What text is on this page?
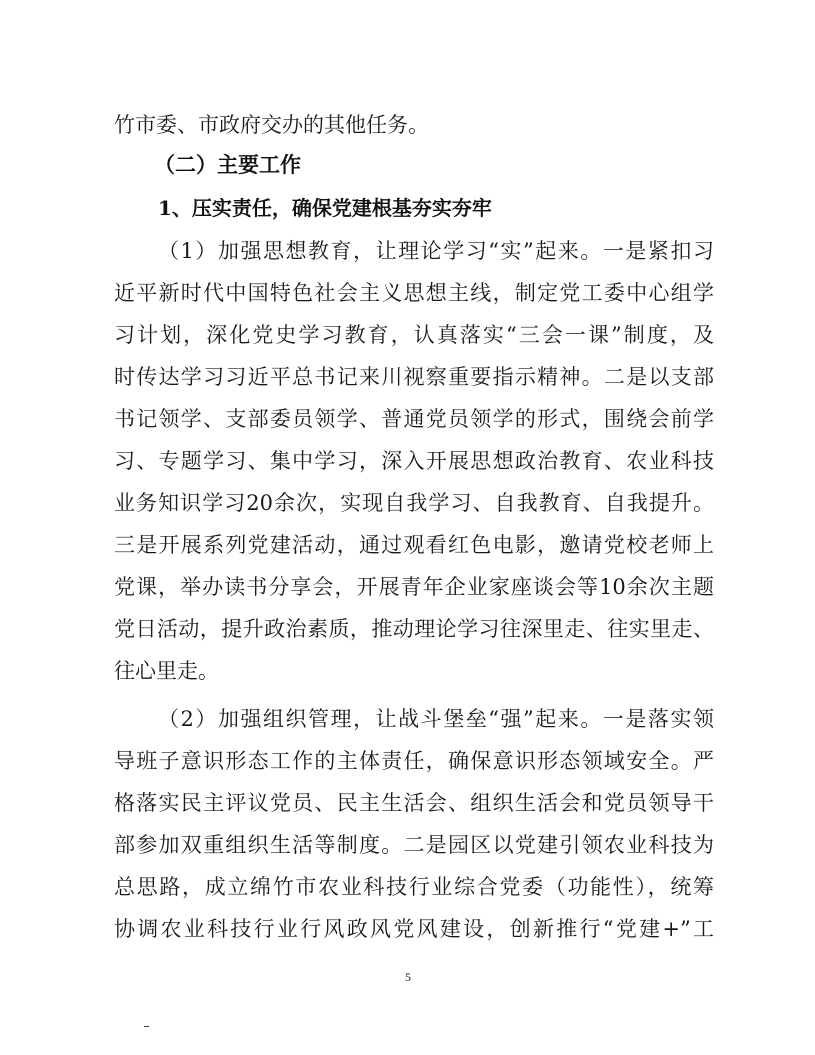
竹市委、市政府交办的其他任务。
（二）主要工作
1、压实责任，确保党建根基夯实夯牢
（1）加强思想教育，让理论学习“实”起来。一是紧扣习
近平新时代中国特色社会主义思想主线，制定党工委中心组学
习计划，深化党史学习教育，认真落实“三会一课”制度，及
时传达学习习近平总书记来川视察重要指示精神。二是以支部
书记领学、支部委员领学、普通党员领学的形式，围绕会前学
习、专题学习、集中学习，深入开展思想政治教育、农业科技
业务知识学习20余次，实现自我学习、自我教育、自我提升。
三是开展系列党建活动，通过观看红色电影，邀请党校老师上
党课，举办读书分享会，开展青年企业家座谈会等10余次主题
党日活动，提升政治素质，推动理论学习往深里走、往实里走、
往心里走。
（2）加强组织管理，让战斗堡垒“强”起来。一是落实领
导班子意识形态工作的主体责任，确保意识形态领域安全。严
格落实民主评议党员、民主生活会、组织生活会和党员领导干
部参加双重组织生活等制度。二是园区以党建引领农业科技为
总思路，成立绵竹市农业科技行业综合党委（功能性），统筹
协调农业科技行业行风政风党风建设，创新推行“党建+”工
5
